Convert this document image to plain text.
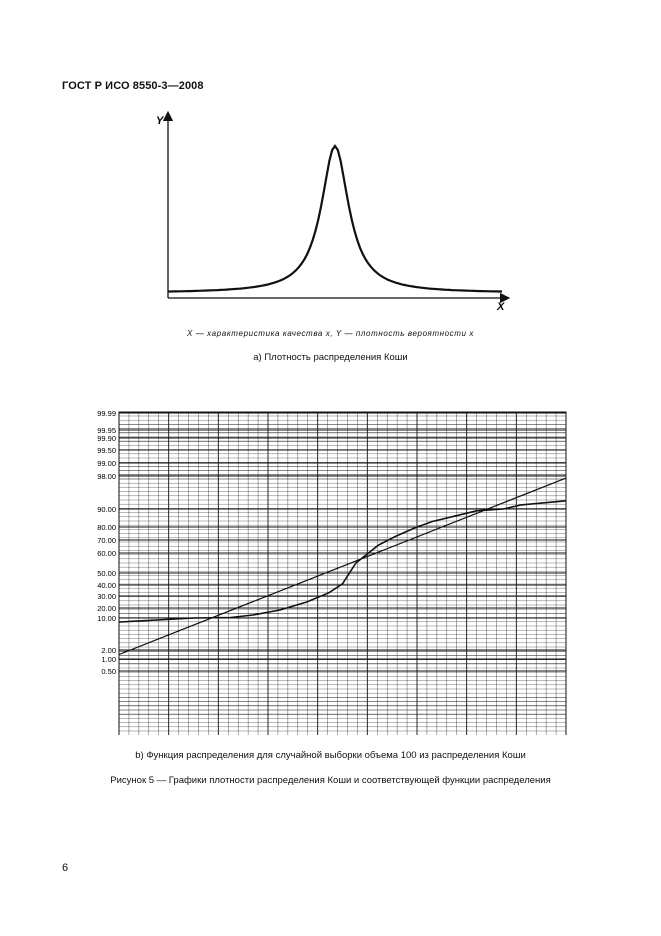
ГОСТ Р ИСО 8550-3—2008
Y
X
X — характеристика качества x, Y — плотность вероятности x
а) Плотность распределения Коши
99.99
99.95
99.90
99.50
99.00
98.00
90.00
80.00
70.00
60.00
50.00
40.00
30.00
20.00
10.00
2.00
1.00
0.50
b) Функция распределения для случайной выборки объема 100 из распределения Коши
Рисунок 5 — Графики плотности распределения Коши и соответствующей функции распределения
6
